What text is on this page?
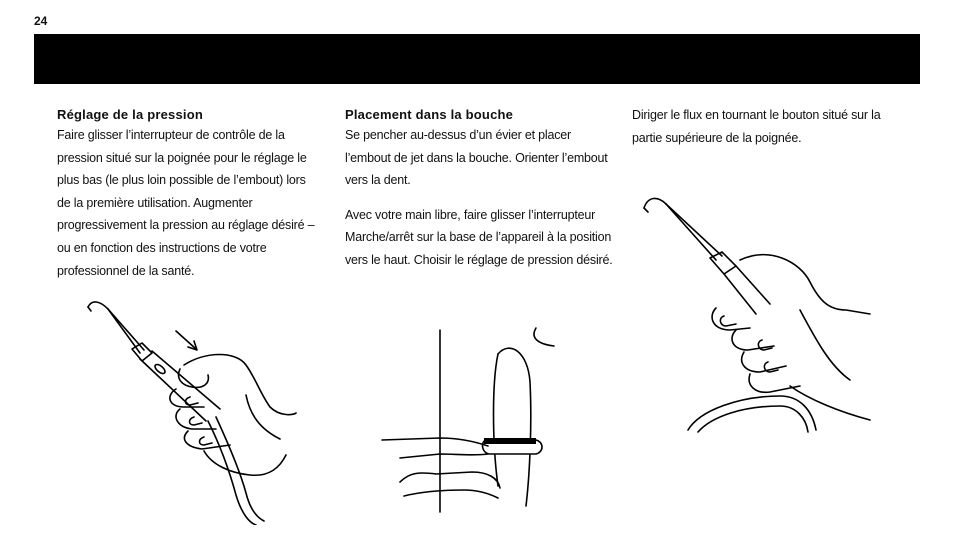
24
Réglage de la pression

Faire glisser l’interrupteur de contrôle de la pression situé sur la poignée pour le réglage le plus bas (le plus loin possible de l’embout) lors de la première utilisation. Augmenter progressivement la pression au réglage désiré – ou en fonction des instructions de votre professionnel de la santé.

Placement dans la bouche

Se pencher au-dessus d’un évier et placer l’embout de jet dans la bouche. Orienter l’embout vers la dent.

Avec votre main libre, faire glisser l’interrupteur Marche/arrêt sur la base de l’appareil à la position vers le haut. Choisir le réglage de pression désiré.

Diriger le flux en tournant le bouton situé sur la partie supérieure de la poignée.
